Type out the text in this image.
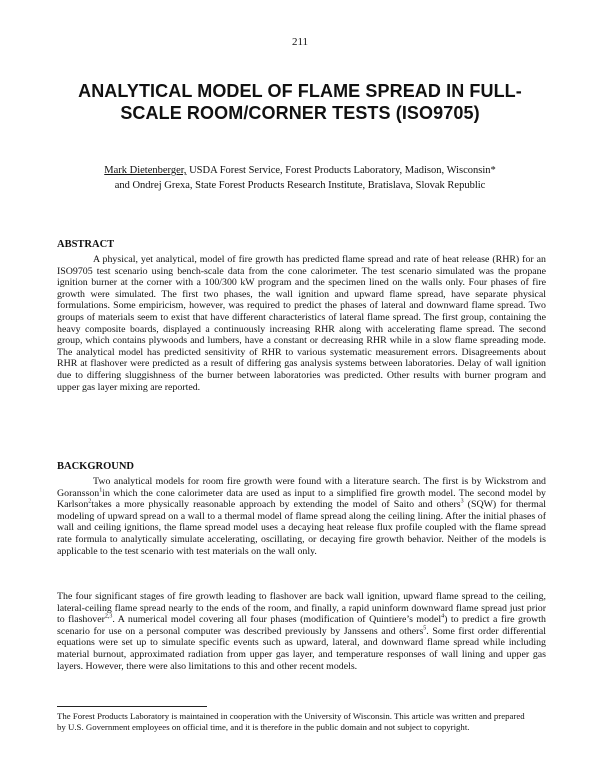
211
ANALYTICAL MODEL OF FLAME SPREAD IN FULL-
SCALE ROOM/CORNER TESTS (ISO9705)
Mark Dietenberger, USDA Forest Service, Forest Products Laboratory, Madison, Wisconsin*
and Ondrej Grexa, State Forest Products Research Institute, Bratislava, Slovak Republic
ABSTRACT

A physical, yet analytical, model of fire growth has predicted flame spread and rate of heat release (RHR) for an ISO9705 test scenario using bench-scale data from the cone calorimeter. The test scenario simulated was the propane ignition burner at the corner with a 100/300 kW program and the specimen lined on the walls only. Four phases of fire growth were simulated. The first two phases, the wall ignition and upward flame spread, have separate physical formulations. Some empiricism, however, was required to predict the phases of lateral and downward flame spread. Two groups of materials seem to exist that have different characteristics of lateral flame spread. The first group, containing the heavy composite boards, displayed a continuously increasing RHR along with accelerating flame spread. The second group, which contains plywoods and lumbers, have a constant or decreasing RHR while in a slow flame spreading mode. The analytical model has predicted sensitivity of RHR to various systematic measurement errors. Disagreements about RHR at flashover were predicted as a result of differing gas analysis systems between laboratories. Delay of wall ignition due to differing sluggishness of the burner between laboratories was predicted. Other results with burner program and upper gas layer mixing are reported.

BACKGROUND

Two analytical models for room fire growth were found with a literature search. The first is by Wickstrom and Goransson$^1$in which the cone calorimeter data are used as input to a simplified fire growth model. The second model by Karlson$^2$takes a more physically reasonable approach by extending the model of Saito and others$^3$ (SQW) for thermal modeling of upward spread on a wall to a thermal model of flame spread along the ceiling lining. After the initial phases of wall and ceiling ignitions, the flame spread model uses a decaying heat release flux profile coupled with the flame spread rate formula to analytically simulate accelerating, oscillating, or decaying fire growth behavior. Neither of the models is applicable to the test scenario with test materials on the wall only.

The four significant stages of fire growth leading to flashover are back wall ignition, upward flame spread to the ceiling, lateral-ceiling flame spread nearly to the ends of the room, and finally, a rapid uninform downward flame spread just prior to flashover$^{2,3}$. A numerical model covering all four phases (modification of Quintiere’s model$^4$) to predict a fire growth scenario for use on a personal computer was described previously by Janssens and others$^5$. Some first order differential equations were set up to simulate specific events such as upward, lateral, and downward flame spread while including material burnout, approximated radiation from upper gas layer, and temperature responses of wall lining and upper gas layers. However, there were also limitations to this and other recent models.

The Forest Products Laboratory is maintained in cooperation with the University of Wisconsin. This article was written and prepared by U.S. Government employees on official time, and it is therefore in the public domain and not subject to copyright.
